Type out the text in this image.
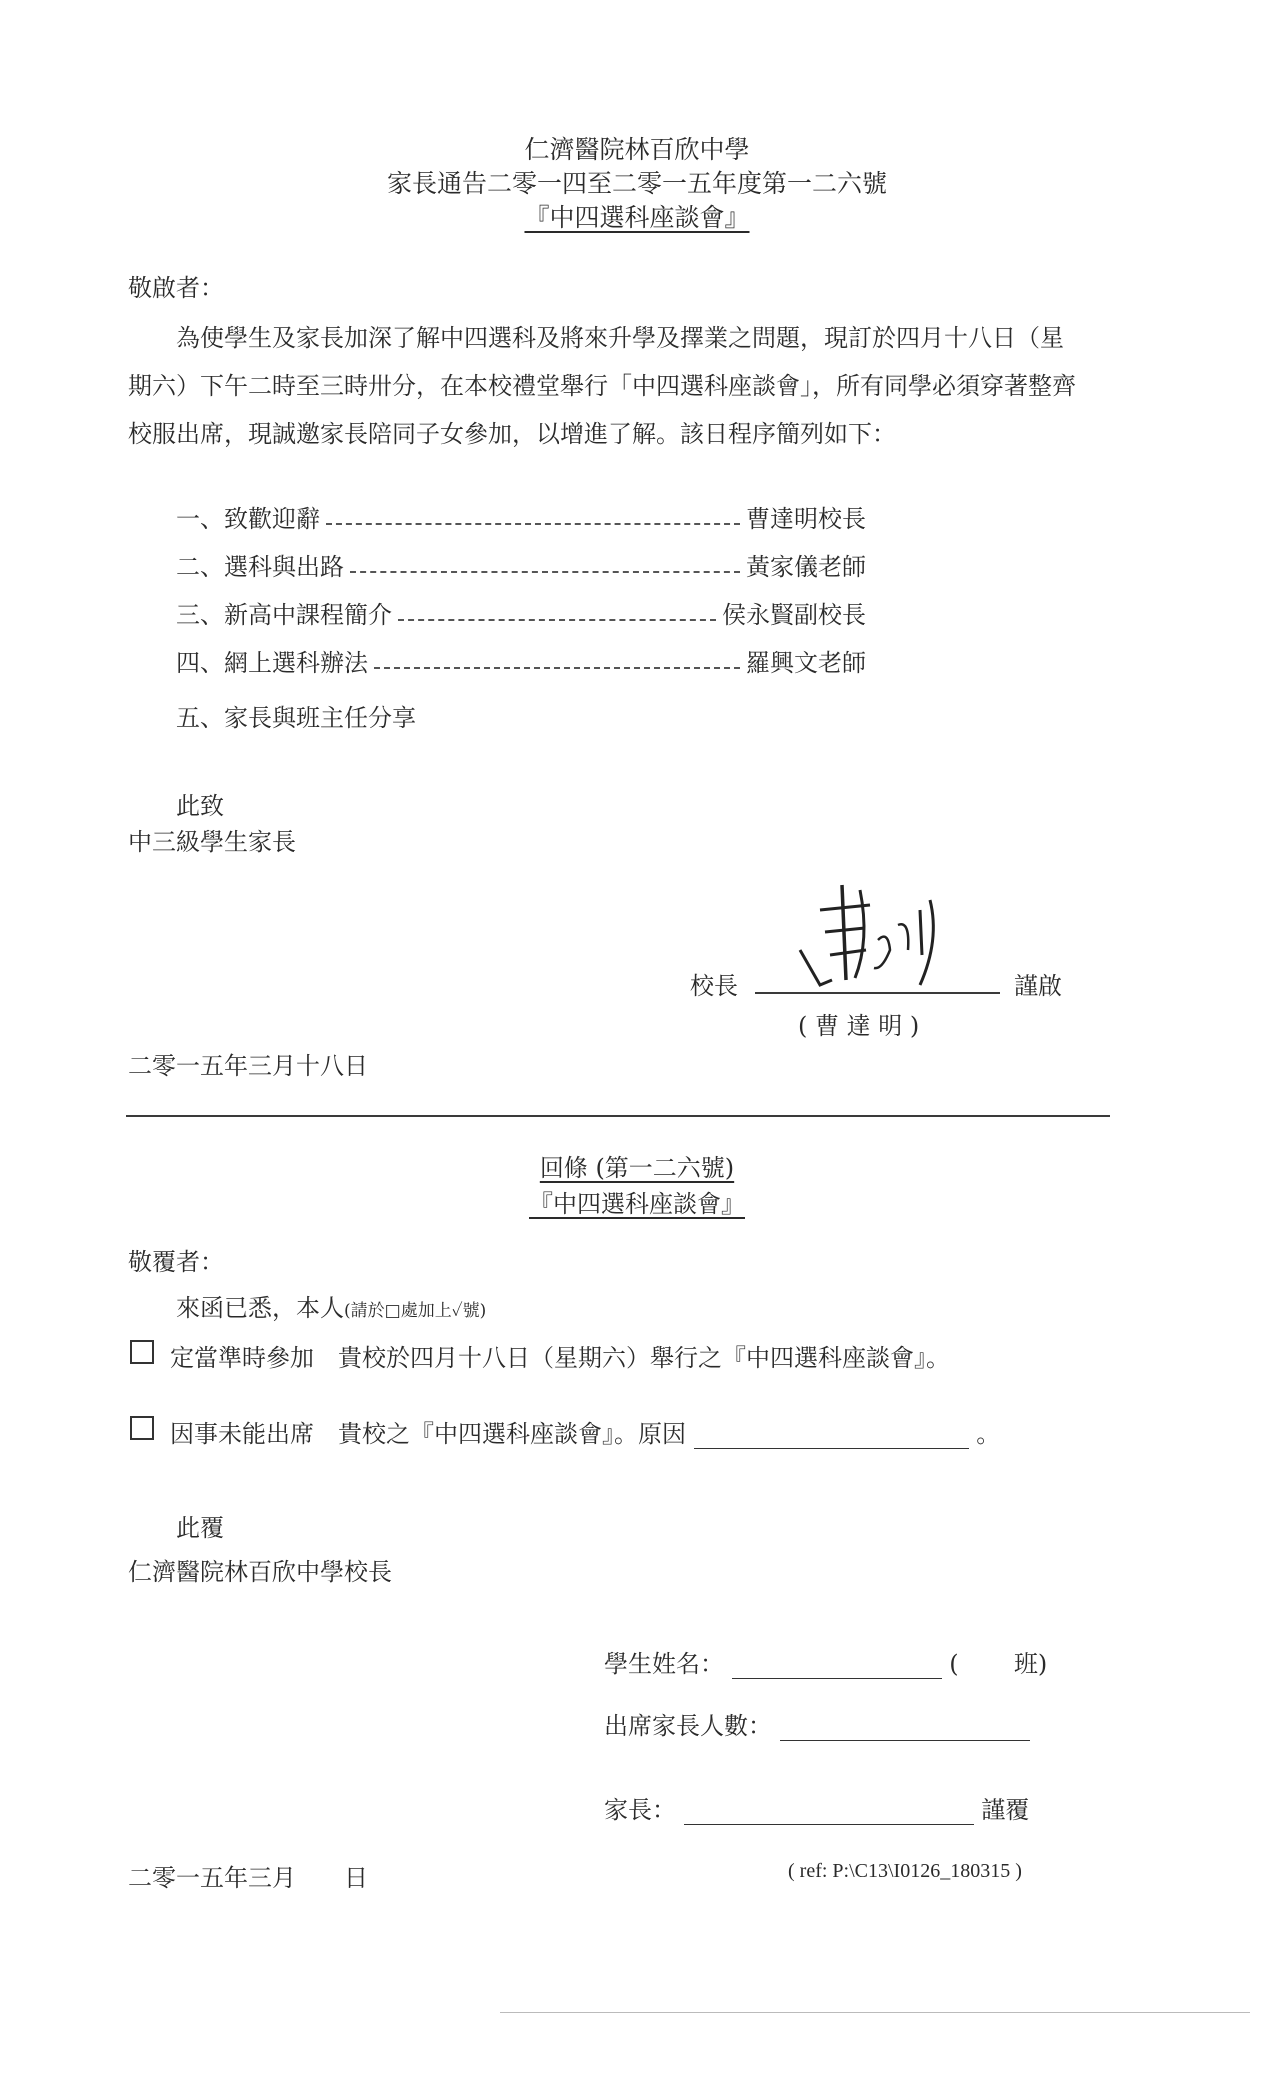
仁濟醫院林百欣中學
家長通告二零一四至二零一五年度第一二六號
『中四選科座談會』
敬啟者：
為使學生及家長加深了解中四選科及將來升學及擇業之問題，現訂於四月十八日（星
期六）下午二時至三時卅分，在本校禮堂舉行「中四選科座談會」，所有同學必須穿著整齊
校服出席，現誠邀家長陪同子女參加，以增進了解。該日程序簡列如下：
一、致歡迎辭	曹達明校長
二、選科與出路	黃家儀老師
三、新高中課程簡介	侯永賢副校長
四、網上選科辦法	羅興文老師
五、家長與班主任分享
此致
中三級學生家長
校長	謹啟
( 曹 達 明 )
二零一五年三月十八日
回條 (第一二六號)
『中四選科座談會』
敬覆者：
來函已悉，本人(請於□處加上✓號)
定當準時參加　貴校於四月十八日（星期六）舉行之『中四選科座談會』。
因事未能出席　貴校之『中四選科座談會』。原因	。
此覆
仁濟醫院林百欣中學校長
學生姓名：	( 班)
出席家長人數：
家長：	謹覆
二零一五年三月　　日	( ref: P:\C13\I0126_180315 )
